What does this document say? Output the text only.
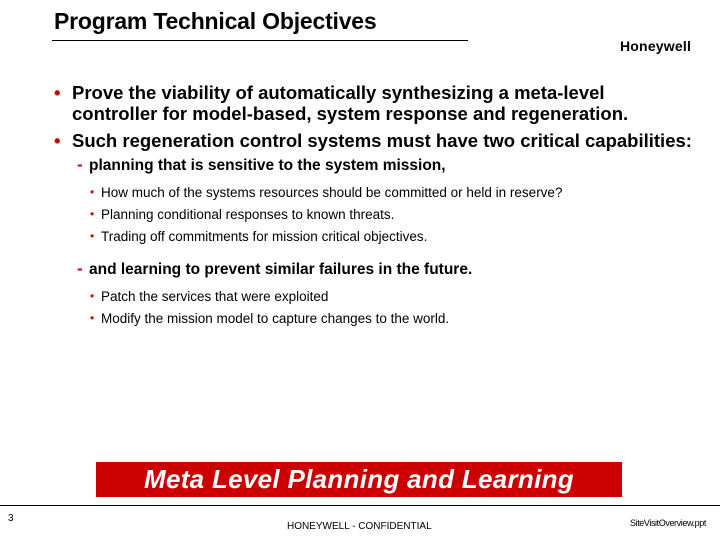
Program Technical Objectives
Honeywell
• Prove the viability of automatically synthesizing a meta-level controller for model-based, system response and regeneration.
• Such regeneration control systems must have two critical capabilities:
- planning that is sensitive to the system mission,
• How much of the systems resources should be committed or held in reserve?
• Planning conditional responses to known threats.
• Trading off commitments for mission critical objectives.
- and learning to prevent similar failures in the future.
• Patch the services that were exploited
• Modify the mission model to capture changes to the world.
Meta Level Planning and Learning
3
HONEYWELL - CONFIDENTIAL	SiteVisitOverview.ppt
